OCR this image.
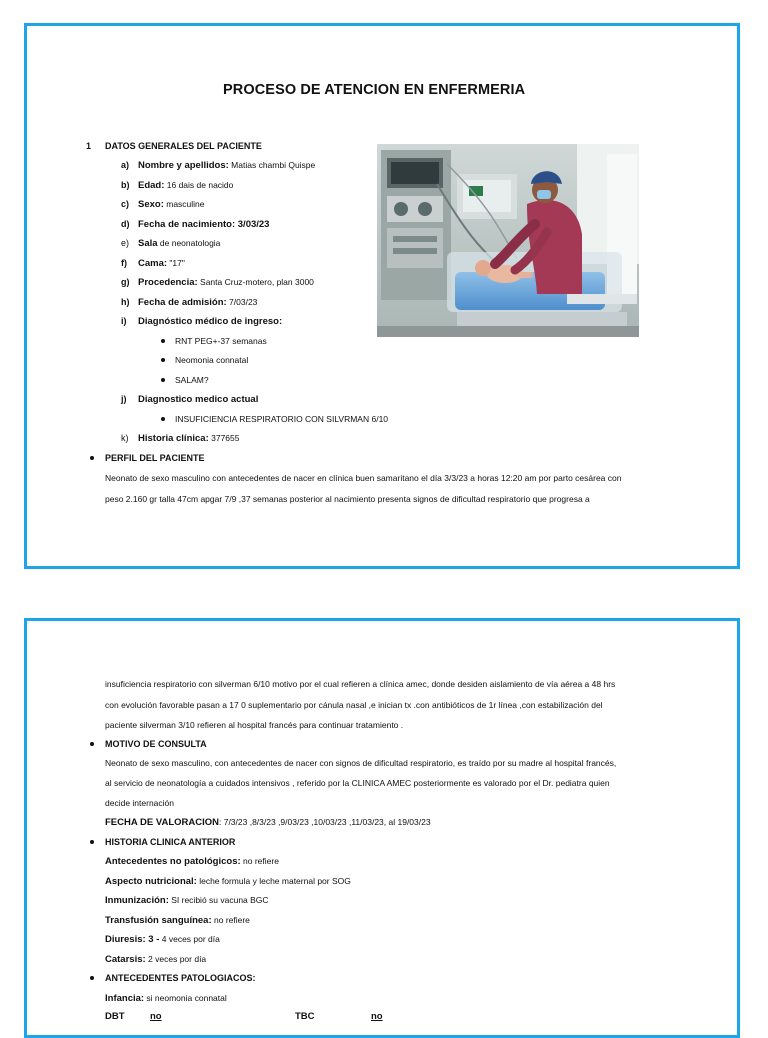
PROCESO DE ATENCION EN ENFERMERIA
1 DATOS GENERALES DEL PACIENTE
a) Nombre y apellidos: Matias chambi Quispe
b) Edad: 16 dais de nacido
c) Sexo: masculine
d) Fecha de nacimiento: 3/03/23
e) Sala de neonatologia
f) Cama: "17"
g) Procedencia: Santa Cruz-motero, plan 3000
h) Fecha de admisión: 7/03/23
i) Diagnóstico médico de ingreso:
RNT PEG+-37 semanas
Neomonia connatal
SALAM?
j) Diagnostico medico actual
INSUFICIENCIA RESPIRATORIO CON SILVRMAN 6/10
k) Historia clínica: 377655
PERFIL DEL PACIENTE
Neonato de sexo masculino con antecedentes de nacer en clínica buen samaritano el día 3/3/23 a horas 12:20 am por parto cesárea con
peso 2.160 gr talla 47cm apgar 7/9 ,37 semanas posterior al nacimiento presenta signos de dificultad respiratorio que progresa a
insuficiencia respiratorio con silverman 6/10 motivo por el cual refieren a clínica amec, donde desiden aislamiento de vía aérea a 48 hrs
con evolución favorable pasan a 17 0 suplementario por cánula nasal ,e inician tx .con antibióticos de 1r línea ,con estabilización del
paciente silverman 3/10 refieren al hospital francés para continuar tratamiento .
MOTIVO DE CONSULTA
Neonato de sexo masculino, con antecedentes de nacer con signos de dificultad respiratorio, es traído por su madre al hospital francés,
al servicio de neonatología a cuidados intensivos , referido por la CLINICA AMEC posteriormente es valorado por el Dr. pediatra quien
decide internación
FECHA DE VALORACION: 7/3/23 ,8/3/23 ,9/03/23 ,10/03/23 ,11/03/23, al 19/03/23
HISTORIA CLINICA ANTERIOR
Antecedentes no patológicos: no refiere
Aspecto nutricional: leche formula y leche maternal por SOG
Inmunización: SI recibió su vacuna BGC
Transfusión sanguínea: no refiere
Diuresis: 3 - 4 veces por día
Catarsis: 2 veces por día
ANTECEDENTES PATOLOGIACOS:
Infancia: si neomonia connatal
DBT	no	TBC	no
